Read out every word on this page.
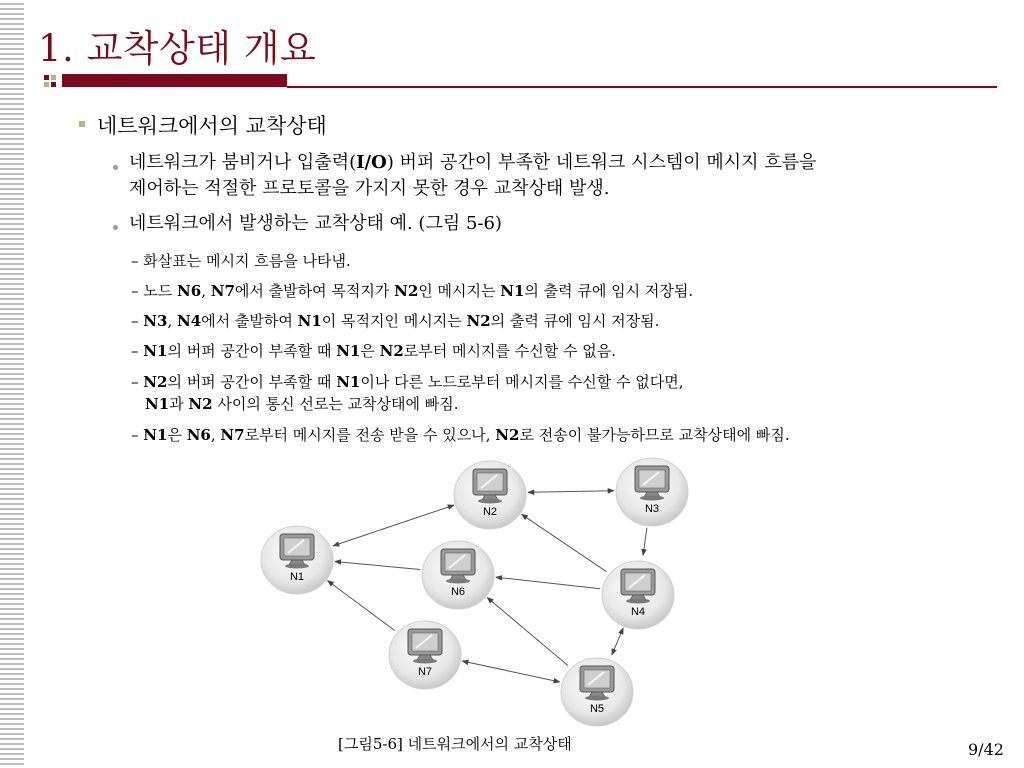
1. 교착상태 개요
네트워크에서의 교착상태
네트워크가 붐비거나 입출력(I/O) 버퍼 공간이 부족한 네트워크 시스템이 메시지 흐름을
제어하는 적절한 프로토콜을 가지지 못한 경우 교착상태 발생.
네트워크에서 발생하는 교착상태 예. (그림 5-6)
– 화살표는 메시지 흐름을 나타냄.
– 노드 N6, N7에서 출발하여 목적지가 N2인 메시지는 N1의 출력 큐에 임시 저장됨.
– N3, N4에서 출발하여 N1이 목적지인 메시지는 N2의 출력 큐에 임시 저장됨.
– N1의 버퍼 공간이 부족할 때 N1은 N2로부터 메시지를 수신할 수 없음.
– N2의 버퍼 공간이 부족할 때 N1이나 다른 노드로부터 메시지를 수신할 수 없다면,
N1과 N2 사이의 통신 선로는 교착상태에 빠짐.
– N1은 N6, N7로부터 메시지를 전송 받을 수 있으나, N2로 전송이 불가능하므로 교착상태에 빠짐.
N1
N2	N3
N4
N5
N6
N7
[그림5-6] 네트워크에서의 교착상태	9/42
